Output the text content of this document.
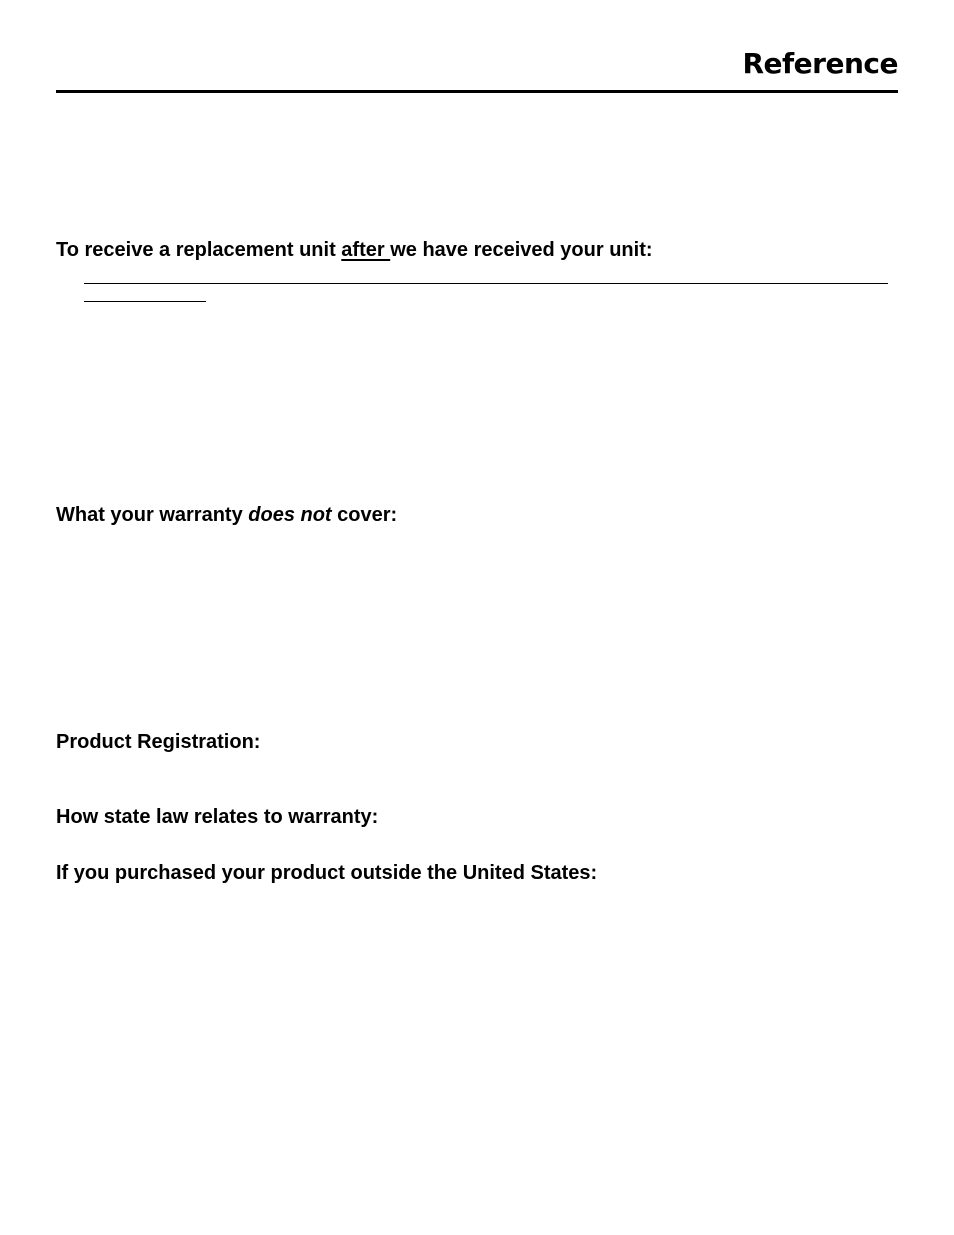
Reference

To receive a replacement unit after we have received your unit:

What your warranty does not cover:

Product Registration:

How state law relates to warranty:

If you purchased your product outside the United States:
